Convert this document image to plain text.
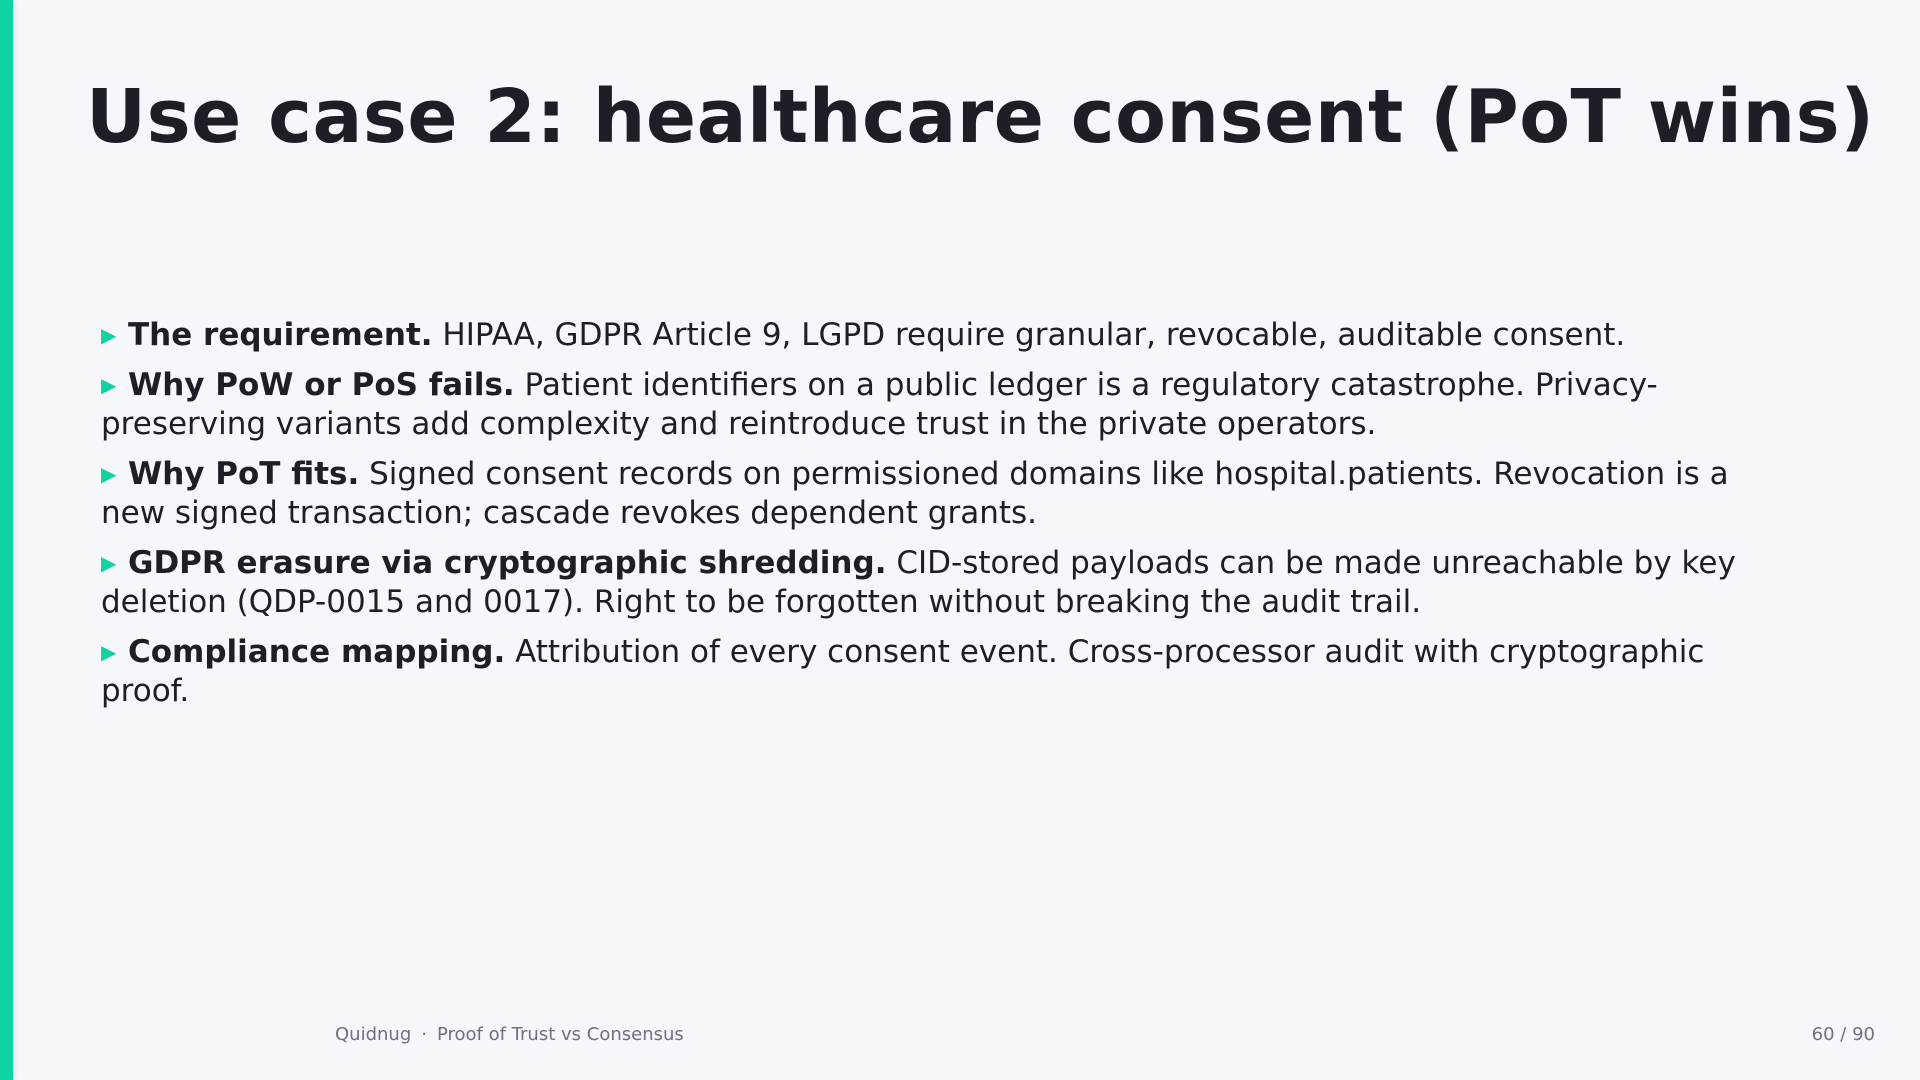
Use case 2: healthcare consent (PoT wins)
▶ The requirement. HIPAA, GDPR Article 9, LGPD require granular, revocable, auditable consent.
▶ Why PoW or PoS fails. Patient identifiers on a public ledger is a regulatory catastrophe. Privacy-preserving variants add complexity and reintroduce trust in the private operators.
▶ Why PoT fits. Signed consent records on permissioned domains like hospital.patients. Revocation is a new signed transaction; cascade revokes dependent grants.
▶ GDPR erasure via cryptographic shredding. CID-stored payloads can be made unreachable by key deletion (QDP-0015 and 0017). Right to be forgotten without breaking the audit trail.
▶ Compliance mapping. Attribution of every consent event. Cross-processor audit with cryptographic proof.
Quidnug · Proof of Trust vs Consensus	60 / 90
